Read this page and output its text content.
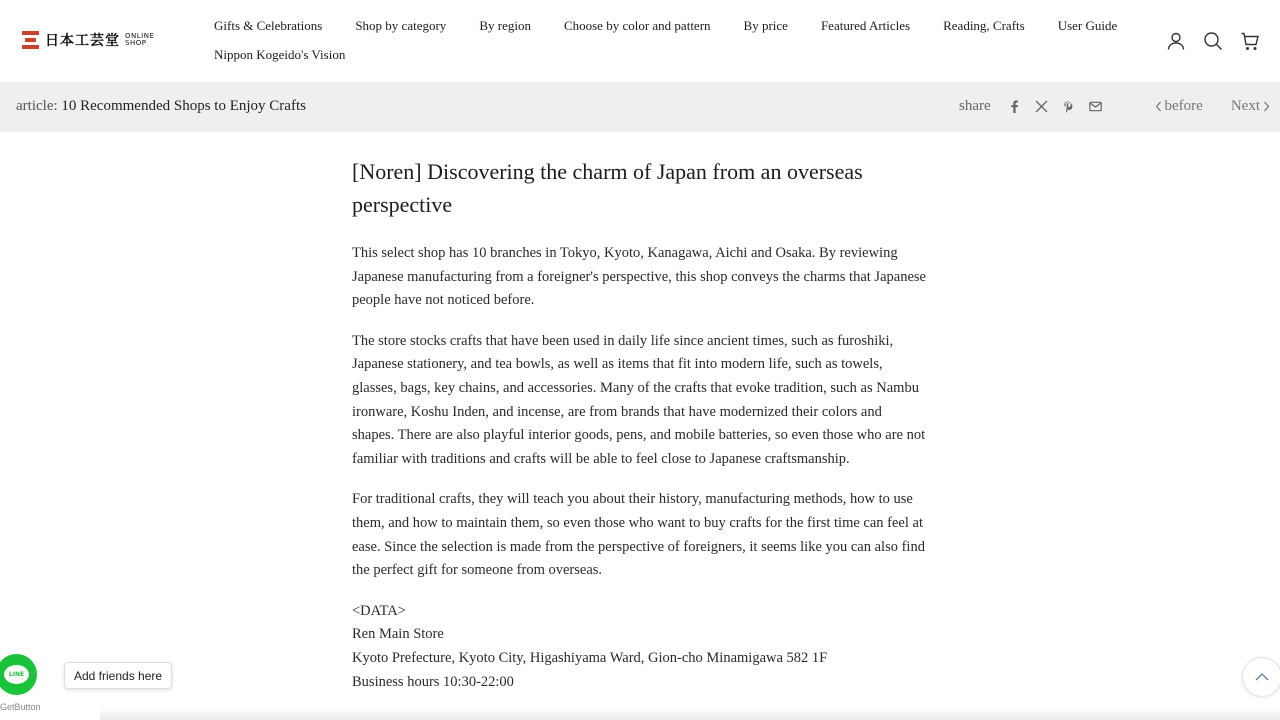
日本工芸堂 ONLINE SHOP
Gifts & Celebrations	Shop by category	By region	Choose by color and pattern	By price	Featured Articles	Reading, Crafts	User Guide
Nippon Kogeido's Vision
article: 10 Recommended Shops to Enjoy Crafts	share	before Next
[Noren] Discovering the charm of Japan from an overseas perspective

This select shop has 10 branches in Tokyo, Kyoto, Kanagawa, Aichi and Osaka. By reviewing Japanese manufacturing from a foreigner's perspective, this shop conveys the charms that Japanese people have not noticed before.

The store stocks crafts that have been used in daily life since ancient times, such as furoshiki, Japanese stationery, and tea bowls, as well as items that fit into modern life, such as towels, glasses, bags, key chains, and accessories. Many of the crafts that evoke tradition, such as Nambu ironware, Koshu Inden, and incense, are from brands that have modernized their colors and shapes. There are also playful interior goods, pens, and mobile batteries, so even those who are not familiar with traditions and crafts will be able to feel close to Japanese craftsmanship.

For traditional crafts, they will teach you about their history, manufacturing methods, how to use them, and how to maintain them, so even those who want to buy crafts for the first time can feel at ease. Since the selection is made from the perspective of foreigners, it seems like you can also find the perfect gift for someone from overseas.

<DATA>
Ren Main Store
Kyoto Prefecture, Kyoto City, Higashiyama Ward, Gion-cho Minamigawa 582 1F
Business hours 10:30-22:00
LINE	Add friends here
GetButton
